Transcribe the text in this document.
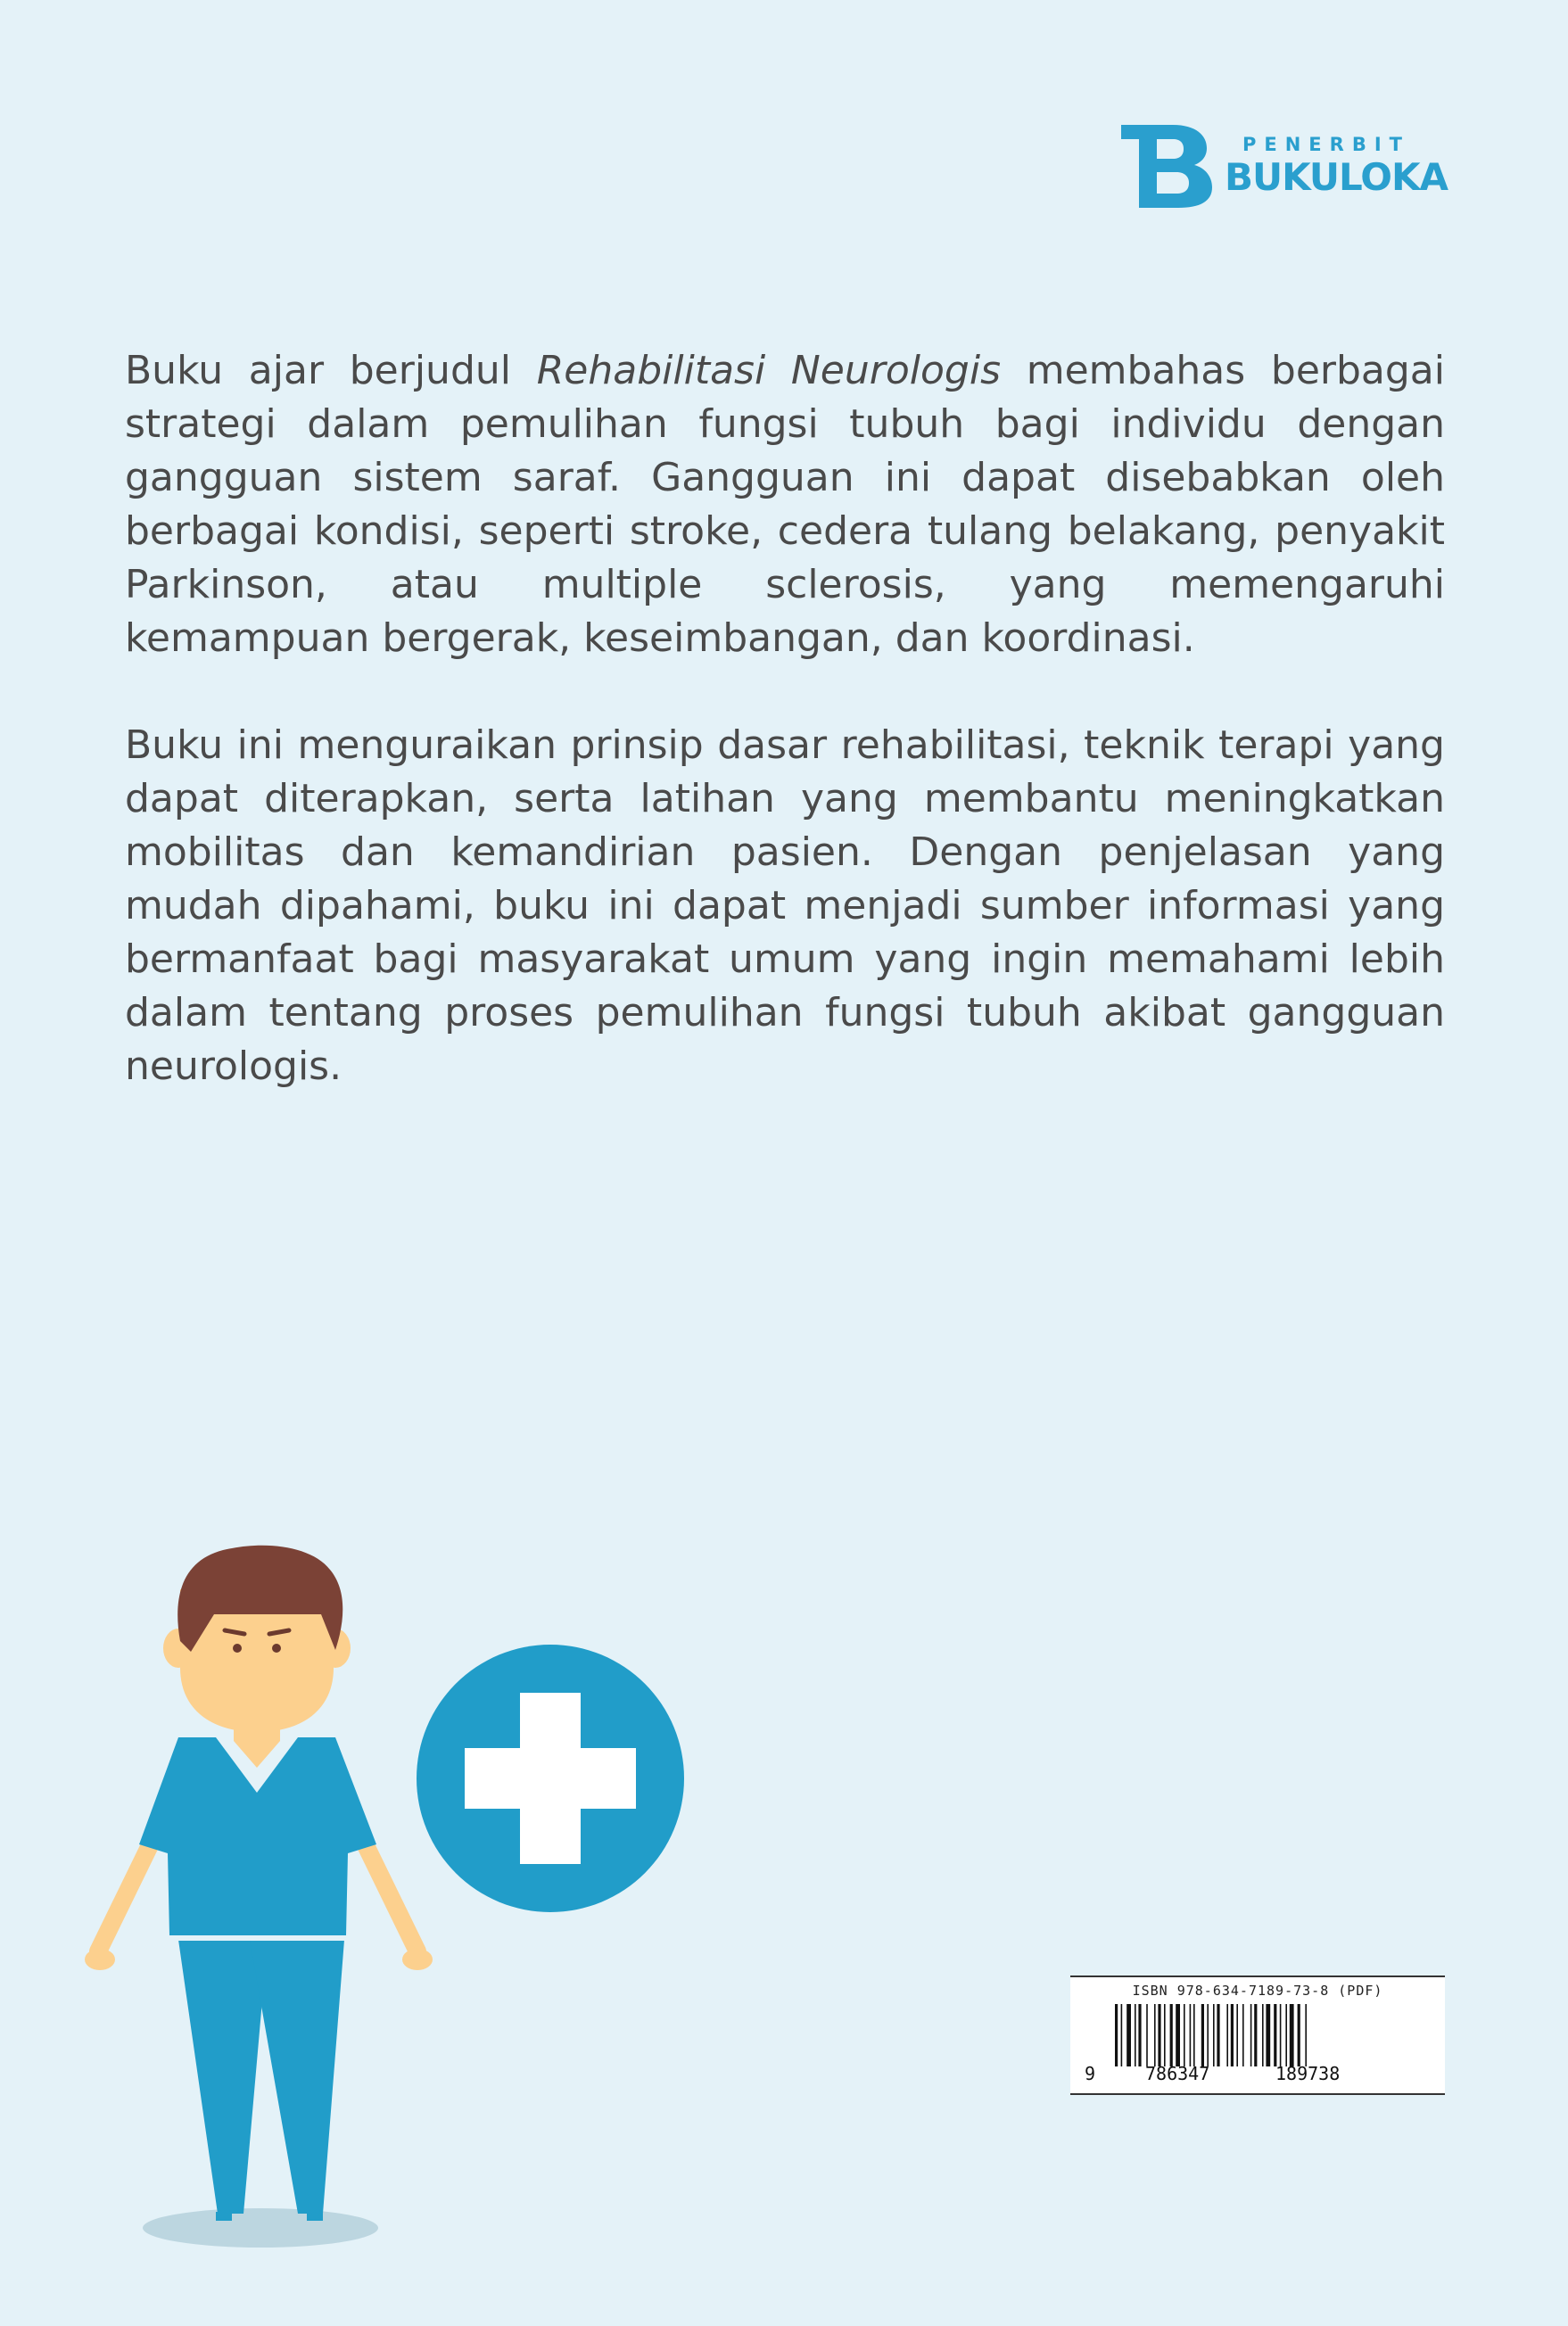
PENERBIT
BUKULOKA

Buku ajar berjudul Rehabilitasi Neurologis membahas berbagai strategi dalam pemulihan fungsi tubuh bagi individu dengan gangguan sistem saraf. Gangguan ini dapat disebabkan oleh berbagai kondisi, seperti stroke, cedera tulang belakang, penyakit Parkinson, atau multiple sclerosis, yang memengaruhi kemampuan bergerak, keseimbangan, dan koordinasi.

Buku ini menguraikan prinsip dasar rehabilitasi, teknik terapi yang dapat diterapkan, serta latihan yang membantu meningkatkan mobilitas dan kemandirian pasien. Dengan penjelasan yang mudah dipahami, buku ini dapat menjadi sumber informasi yang bermanfaat bagi masyarakat umum yang ingin memahami lebih dalam tentang proses pemulihan fungsi tubuh akibat gangguan neurologis.

ISBN 978-634-7189-73-8 (PDF)
9	786347	189738
